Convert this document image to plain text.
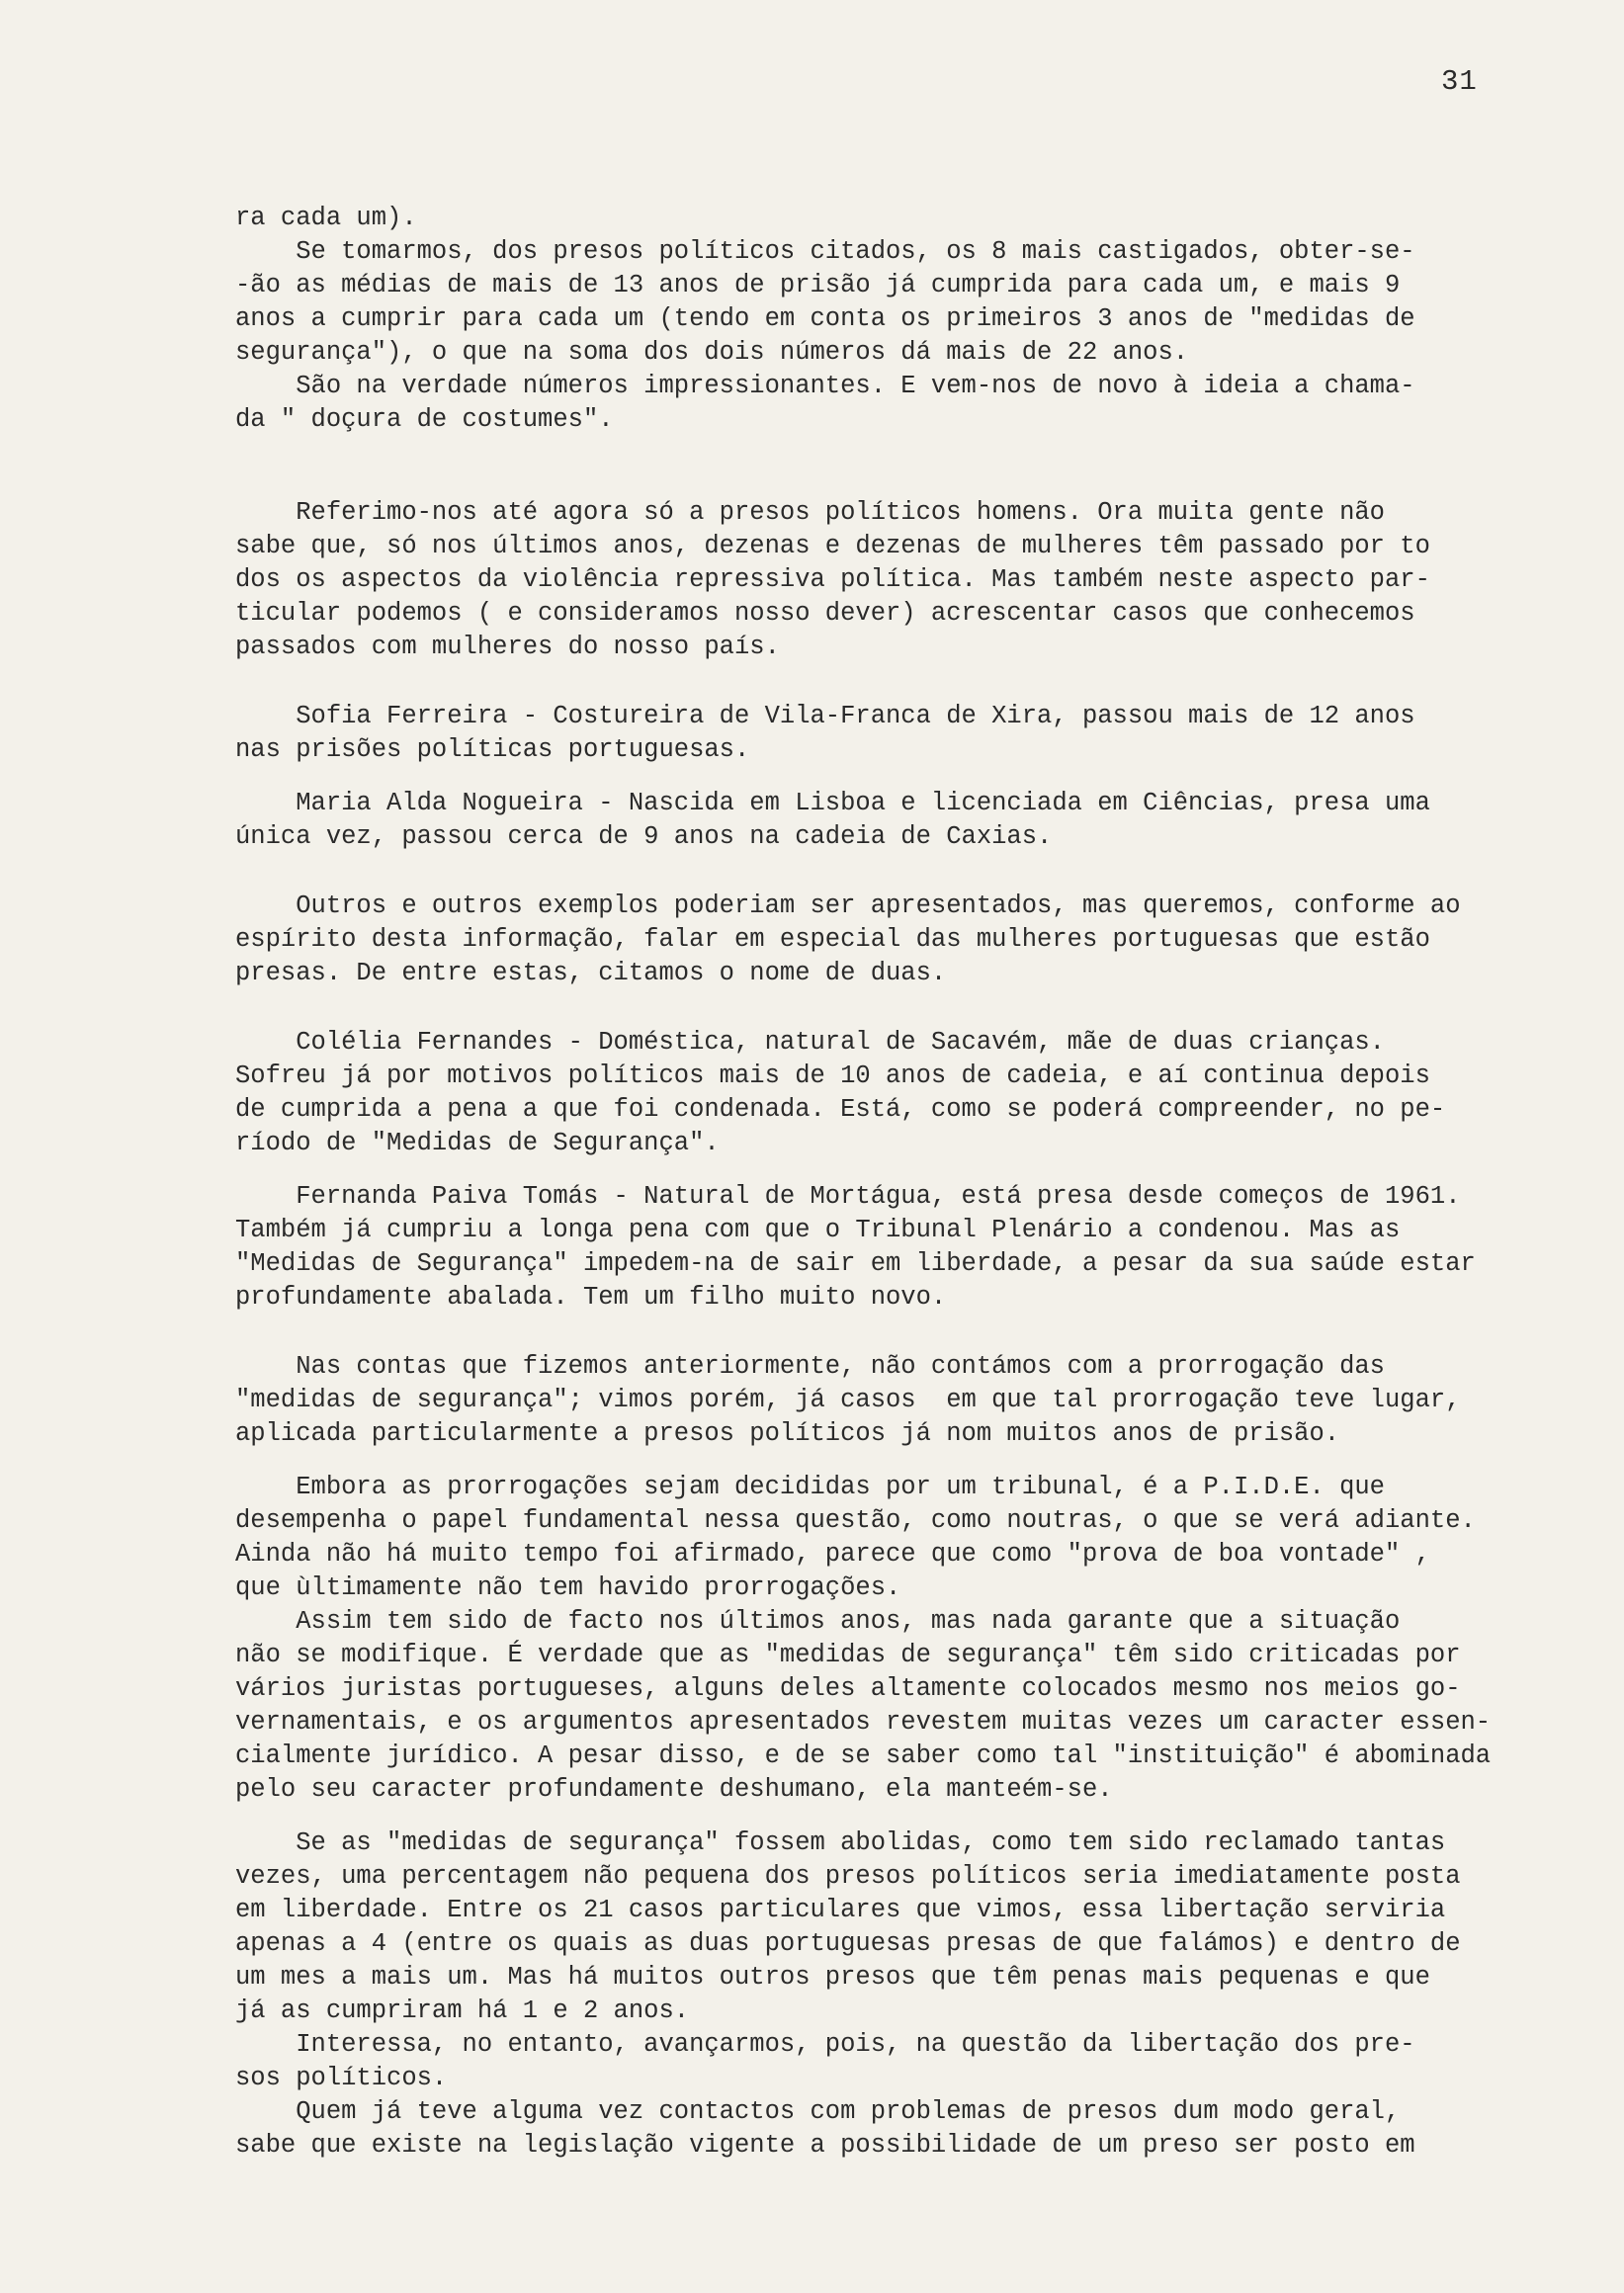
31
ra cada um).
Se tomarmos, dos presos políticos citados, os 8 mais castigados, obter-se-
-ão as médias de mais de 13 anos de prisão já cumprida para cada um, e mais 9
anos a cumprir para cada um (tendo em conta os primeiros 3 anos de "medidas de
segurança"), o que na soma dos dois números dá mais de 22 anos.
São na verdade números impressionantes. E vem-nos de novo à ideia a chama-
da " doçura de costumes".
Referimo-nos até agora só a presos políticos homens. Ora muita gente não
sabe que, só nos últimos anos, dezenas e dezenas de mulheres têm passado por to
dos os aspectos da violência repressiva política. Mas também neste aspecto par-
ticular podemos ( e consideramos nosso dever) acrescentar casos que conhecemos
passados com mulheres do nosso país.
Sofia Ferreira - Costureira de Vila-Franca de Xira, passou mais de 12 anos
nas prisões políticas portuguesas.
Maria Alda Nogueira - Nascida em Lisboa e licenciada em Ciências, presa uma
única vez, passou cerca de 9 anos na cadeia de Caxias.
Outros e outros exemplos poderiam ser apresentados, mas queremos, conforme ao
espírito desta informação, falar em especial das mulheres portuguesas que estão
presas. De entre estas, citamos o nome de duas.
Colélia Fernandes - Doméstica, natural de Sacavém, mãe de duas crianças.
Sofreu já por motivos políticos mais de 10 anos de cadeia, e aí continua depois
de cumprida a pena a que foi condenada. Está, como se poderá compreender, no pe-
ríodo de "Medidas de Segurança".
Fernanda Paiva Tomás - Natural de Mortágua, está presa desde começos de 1961.
Também já cumpriu a longa pena com que o Tribunal Plenário a condenou. Mas as
"Medidas de Segurança" impedem-na de sair em liberdade, a pesar da sua saúde estar
profundamente abalada. Tem um filho muito novo.
Nas contas que fizemos anteriormente, não contámos com a prorrogação das
"medidas de segurança"; vimos porém, já casos  em que tal prorrogação teve lugar,
aplicada particularmente a presos políticos já nom muitos anos de prisão.
Embora as prorrogações sejam decididas por um tribunal, é a P.I.D.E. que
desempenha o papel fundamental nessa questão, como noutras, o que se verá adiante.
Ainda não há muito tempo foi afirmado, parece que como "prova de boa vontade" ,
que ùltimamente não tem havido prorrogações.
Assim tem sido de facto nos últimos anos, mas nada garante que a situação
não se modifique. É verdade que as "medidas de segurança" têm sido criticadas por
vários juristas portugueses, alguns deles altamente colocados mesmo nos meios go-
vernamentais, e os argumentos apresentados revestem muitas vezes um caracter essen-
cialmente jurídico. A pesar disso, e de se saber como tal "instituição" é abominada
pelo seu caracter profundamente deshumano, ela manteém-se.
Se as "medidas de segurança" fossem abolidas, como tem sido reclamado tantas
vezes, uma percentagem não pequena dos presos políticos seria imediatamente posta
em liberdade. Entre os 21 casos particulares que vimos, essa libertação serviria
apenas a 4 (entre os quais as duas portuguesas presas de que falámos) e dentro de
um mes a mais um. Mas há muitos outros presos que têm penas mais pequenas e que
já as cumpriram há 1 e 2 anos.
Interessa, no entanto, avançarmos, pois, na questão da libertação dos pre-
sos políticos.
Quem já teve alguma vez contactos com problemas de presos dum modo geral,
sabe que existe na legislação vigente a possibilidade de um preso ser posto em
